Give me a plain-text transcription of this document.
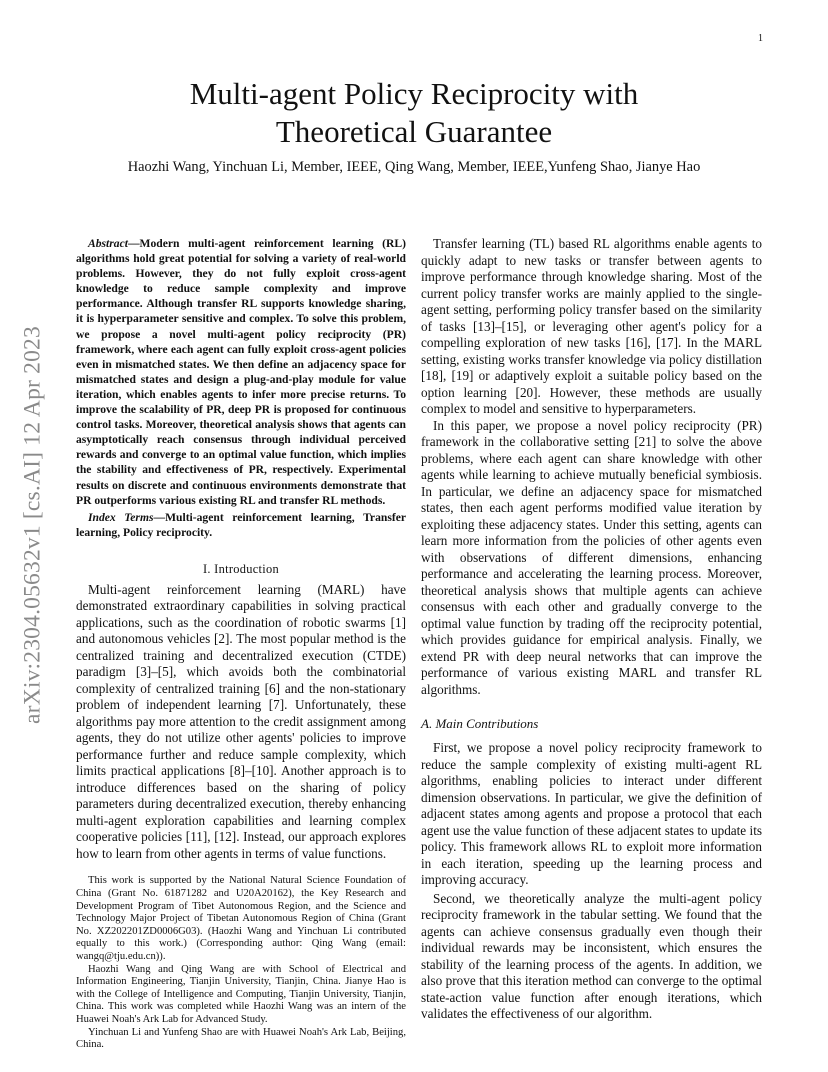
1
arXiv:2304.05632v1 [cs.AI] 12 Apr 2023
Multi-agent Policy Reciprocity with
Theoretical Guarantee
Haozhi Wang, Yinchuan Li, Member, IEEE, Qing Wang, Member, IEEE,Yunfeng Shao, Jianye Hao

Abstract—Modern multi-agent reinforcement learning (RL) algorithms hold great potential for solving a variety of real-world problems. However, they do not fully exploit cross-agent knowledge to reduce sample complexity and improve performance. Although transfer RL supports knowledge sharing, it is hyperparameter sensitive and complex. To solve this problem, we propose a novel multi-agent policy reciprocity (PR) framework, where each agent can fully exploit cross-agent policies even in mismatched states. We then define an adjacency space for mismatched states and design a plug-and-play module for value iteration, which enables agents to infer more precise returns. To improve the scalability of PR, deep PR is proposed for continuous control tasks. Moreover, theoretical analysis shows that agents can asymptotically reach consensus through individual perceived rewards and converge to an optimal value function, which implies the stability and effectiveness of PR, respectively. Experimental results on discrete and continuous environments demonstrate that PR outperforms various existing RL and transfer RL methods.

Index Terms—Multi-agent reinforcement learning, Transfer learning, Policy reciprocity.

I. Introduction

Multi-agent reinforcement learning (MARL) have demonstrated extraordinary capabilities in solving practical applications, such as the coordination of robotic swarms [1] and autonomous vehicles [2]. The most popular method is the centralized training and decentralized execution (CTDE) paradigm [3]–[5], which avoids both the combinatorial complexity of centralized training [6] and the non-stationary problem of independent learning [7]. Unfortunately, these algorithms pay more attention to the credit assignment among agents, they do not utilize other agents' policies to improve performance further and reduce sample complexity, which limits practical applications [8]–[10]. Another approach is to introduce differences based on the sharing of policy parameters during decentralized execution, thereby enhancing multi-agent exploration capabilities and learning complex cooperative policies [11], [12]. Instead, our approach explores how to learn from other agents in terms of value functions.

This work is supported by the National Natural Science Foundation of China (Grant No. 61871282 and U20A20162), the Key Research and Development Program of Tibet Autonomous Region, and the Science and Technology Major Project of Tibetan Autonomous Region of China (Grant No. XZ202201ZD0006G03). (Haozhi Wang and Yinchuan Li contributed equally to this work.) (Corresponding author: Qing Wang (email: wangq@tju.edu.cn)).

Haozhi Wang and Qing Wang are with School of Electrical and Information Engineering, Tianjin University, Tianjin, China. Jianye Hao is with the College of Intelligence and Computing, Tianjin University, Tianjin, China. This work was completed while Haozhi Wang was an intern of the Huawei Noah's Ark Lab for Advanced Study.

Yinchuan Li and Yunfeng Shao are with Huawei Noah's Ark Lab, Beijing, China.

Transfer learning (TL) based RL algorithms enable agents to quickly adapt to new tasks or transfer between agents to improve performance through knowledge sharing. Most of the current policy transfer works are mainly applied to the single-agent setting, performing policy transfer based on the similarity of tasks [13]–[15], or leveraging other agent's policy for a compelling exploration of new tasks [16], [17]. In the MARL setting, existing works transfer knowledge via policy distillation [18], [19] or adaptively exploit a suitable policy based on the option learning [20]. However, these methods are usually complex to model and sensitive to hyperparameters.

In this paper, we propose a novel policy reciprocity (PR) framework in the collaborative setting [21] to solve the above problems, where each agent can share knowledge with other agents while learning to achieve mutually beneficial symbiosis. In particular, we define an adjacency space for mismatched states, then each agent performs modified value iteration by exploiting these adjacency states. Under this setting, agents can learn more information from the policies of other agents even with observations of different dimensions, enhancing performance and accelerating the learning process. Moreover, theoretical analysis shows that multiple agents can achieve consensus with each other and gradually converge to the optimal value function by trading off the reciprocity potential, which provides guidance for empirical analysis. Finally, we extend PR with deep neural networks that can improve the performance of various existing MARL and transfer RL algorithms.

A. Main Contributions

First, we propose a novel policy reciprocity framework to reduce the sample complexity of existing multi-agent RL algorithms, enabling policies to interact under different dimension observations. In particular, we give the definition of adjacent states among agents and propose a protocol that each agent use the value function of these adjacent states to update its policy. This framework allows RL to exploit more information in each iteration, speeding up the learning process and improving accuracy.

Second, we theoretically analyze the multi-agent policy reciprocity framework in the tabular setting. We found that the agents can achieve consensus gradually even though their individual rewards may be inconsistent, which ensures the stability of the learning process of the agents. In addition, we also prove that this iteration method can converge to the optimal state-action value function after enough iterations, which validates the effectiveness of our algorithm.
